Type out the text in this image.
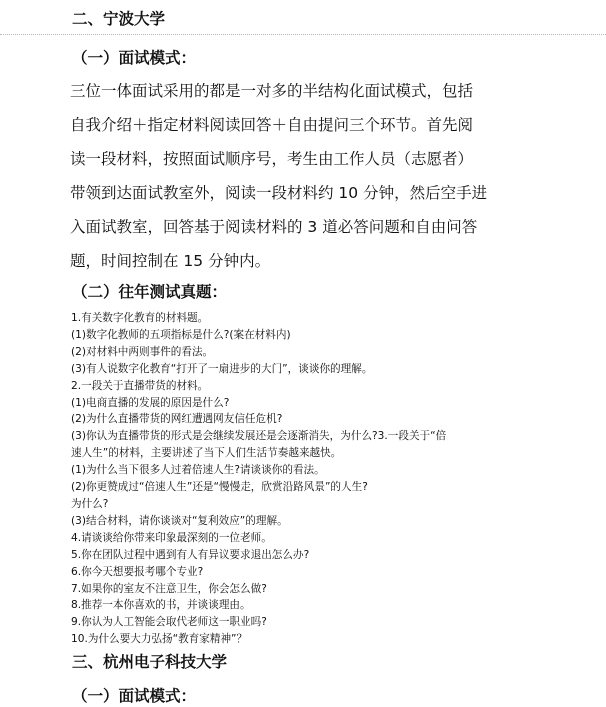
二、宁波大学
（一）面试模式：
三位一体面试采用的都是一对多的半结构化面试模式，包括
自我介绍＋指定材料阅读回答＋自由提问三个环节。首先阅
读一段材料，按照面试顺序号，考生由工作人员（志愿者）
带领到达面试教室外，阅读一段材料约 10 分钟，然后空手进
入面试教室，回答基于阅读材料的 3 道必答问题和自由问答
题，时间控制在 15 分钟内。
（二）往年测试真题：
1.有关数字化教育的材料题。
(1)数字化教师的五项指标是什么?(案在材料内)
(2)对材料中两则事件的看法。
(3)有人说数字化教育“打开了一扇进步的大门”，谈谈你的理解。
2.一段关于直播带货的材料。
(1)电商直播的发展的原因是什么?
(2)为什么直播带货的网红遭遇网友信任危机?
(3)你认为直播带货的形式是会继续发展还是会逐渐消失，为什么?3.一段关于“倍
速人生”的材料，主要讲述了当下人们生活节奏越来越快。
(1)为什么当下很多人过着倍速人生?请谈谈你的看法。
(2)你更赞成过“倍速人生”还是“慢慢走，欣赏沿路风景”的人生?
为什么?
(3)结合材料，请你谈谈对“复利效应”的理解。
4.请谈谈给你带来印象最深刻的一位老师。
5.你在团队过程中遇到有人有异议要求退出怎么办?
6.你今天想要报考哪个专业?
7.如果你的室友不注意卫生，你会怎么做?
8.推荐一本你喜欢的书，并谈谈理由。
9.你认为人工智能会取代老师这一职业吗?
10.为什么要大力弘扬“教育家精神”？
三、杭州电子科技大学
（一）面试模式：
